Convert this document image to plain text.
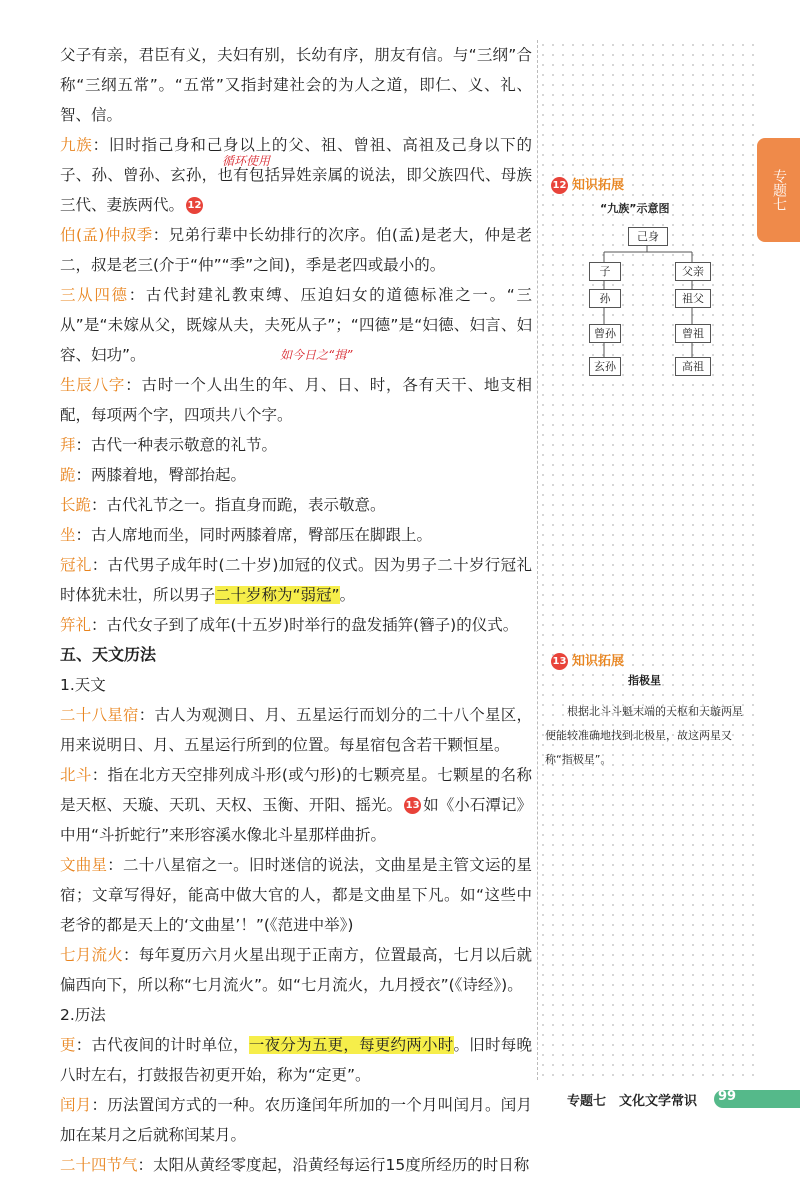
父子有亲，君臣有义，夫妇有别，长幼有序，朋友有信。与“三纲”合称“三纲五常”。“五常”又指封建社会的为人之道，即仁、义、礼、智、信。

九族：旧时指己身和己身以上的父、祖、曾祖、高祖及己身以下的子、孙、曾孙、玄孙，也有包括异姓亲属的说法，即父族四代、母族三代、妻族两代。 12

伯(孟)仲叔季：兄弟行辈中长幼排行的次序。伯(孟)是老大，仲是老二，叔是老三(介于“仲”“季”之间)，季是老四或最小的。

三从四德：古代封建礼教束缚、压迫妇女的道德标准之一。“三从”是“未嫁从父，既嫁从夫，夫死从子”；“四德”是“妇德、妇言、妇容、妇功”。

生辰八字：古时一个人出生的年、月、日、时，各有天干、地支相配，每项两个字，四项共八个字。

拜：古代一种表示敬意的礼节。

跪：两膝着地，臀部抬起。

长跪：古代礼节之一。指直身而跪，表示敬意。

坐：古人席地而坐，同时两膝着席，臀部压在脚跟上。

冠礼：古代男子成年时(二十岁)加冠的仪式。因为男子二十岁行冠礼时体犹未壮，所以男子二十岁称为“弱冠”。

笄礼：古代女子到了成年(十五岁)时举行的盘发插笄(簪子)的仪式。

五、天文历法

1.天文

二十八星宿：古人为观测日、月、五星运行而划分的二十八个星区，用来说明日、月、五星运行所到的位置。每星宿包含若干颗恒星。

北斗：指在北方天空排列成斗形(或勺形)的七颗亮星。七颗星的名称是天枢、天璇、天玑、天权、玉衡、开阳、摇光。 13 如《小石潭记》中用“斗折蛇行”来形容溪水像北斗星那样曲折。

文曲星：二十八星宿之一。旧时迷信的说法，文曲星是主管文运的星宿；文章写得好，能高中做大官的人，都是文曲星下凡。如“这些中老爷的都是天上的‘文曲星’！”(《范进中举》)

七月流火：每年夏历六月火星出现于正南方，位置最高，七月以后就偏西向下，所以称“七月流火”。如“七月流火，九月授衣”(《诗经》)。

2.历法

更：古代夜间的计时单位，一夜分为五更，每更约两小时。旧时每晚八时左右，打鼓报告初更开始，称为“定更”。

闰月：历法置闰方式的一种。农历逢闰年所加的一个月叫闰月。闰月加在某月之后就称闰某月。

二十四节气：太阳从黄经零度起，沿黄经每运行15度所经历的时日称

循环使用
如今日之“揖”
12 知识拓展
“九族”示意图
己身
子
孙
曾孙
玄孙
父亲
祖父
曾祖
高祖
13 知识拓展
指极星
根据北斗斗魁末端的天枢和天璇两星便能较准确地找到北极星，故这两星又称“指极星”。
专题七
专题七　文化文学常识 99
